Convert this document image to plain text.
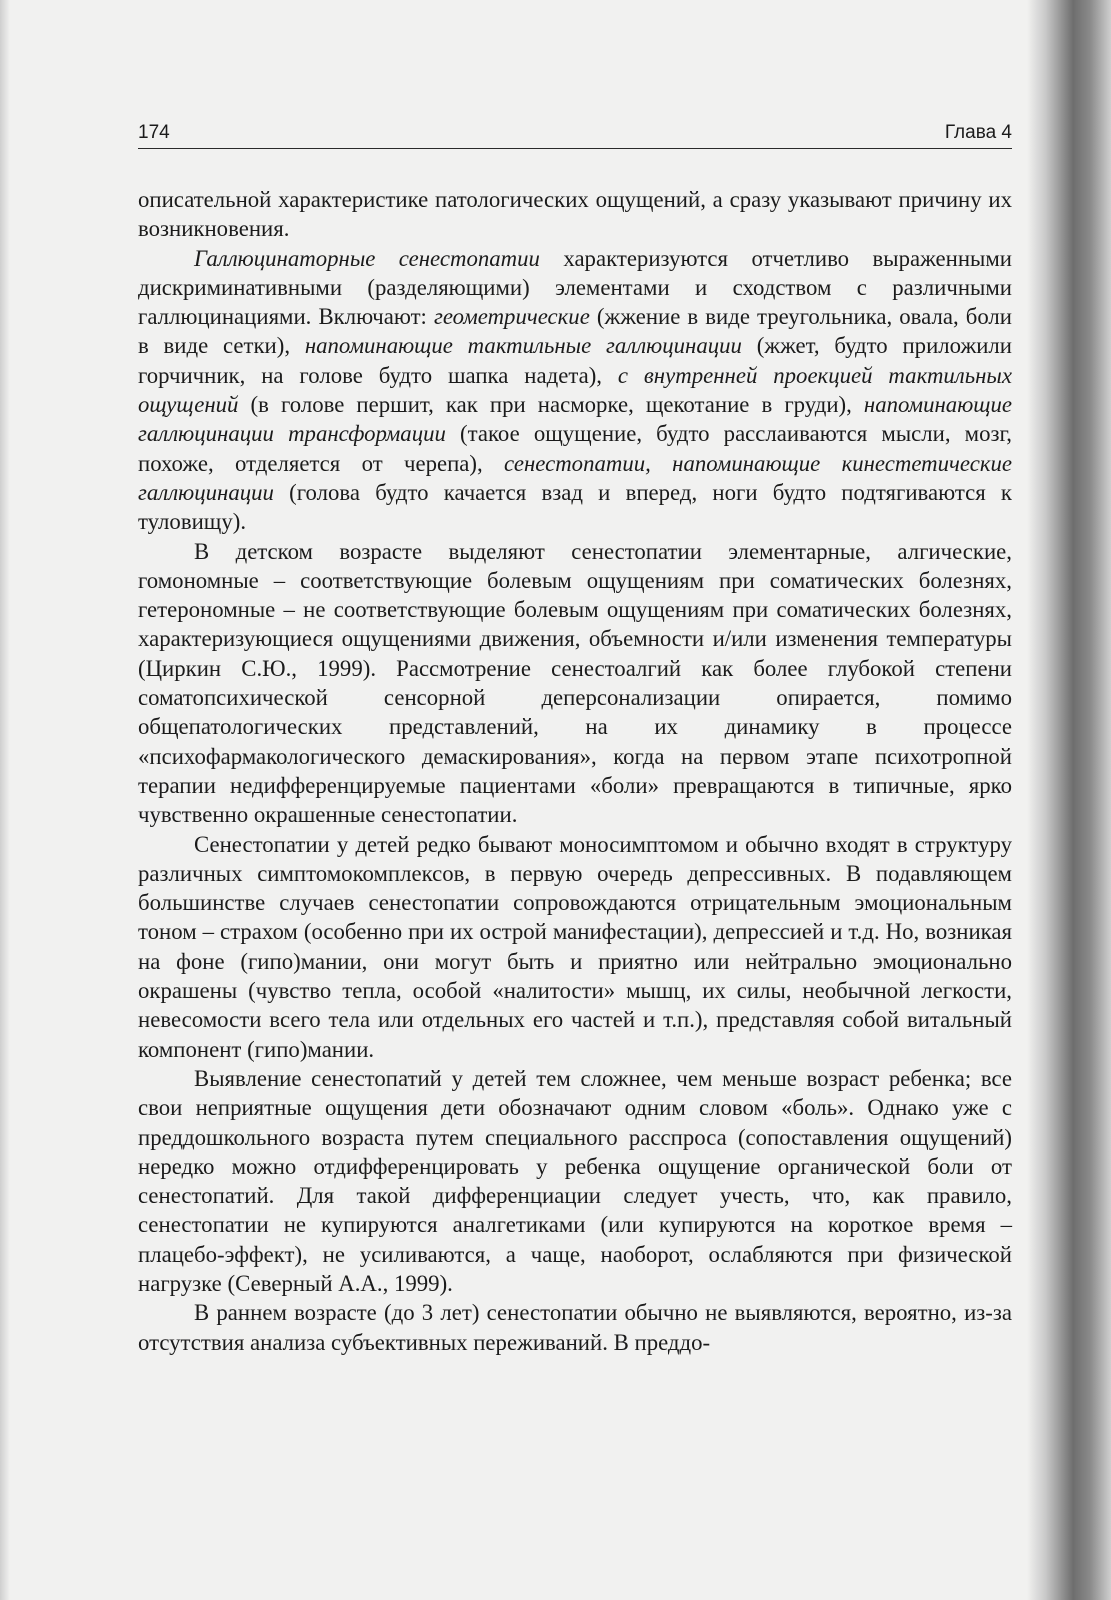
174	Глава 4

описательной характеристике патологических ощущений, а сразу указывают причину их возникновения.

Галлюцинаторные сенестопатии характеризуются отчетливо выраженными дискриминативными (разделяющими) элементами и сходством с различными галлюцинациями. Включают: геометрические (жжение в виде треугольника, овала, боли в виде сетки), напоминающие тактильные галлюцинации (жжет, будто приложили горчичник, на голове будто шапка надета), с внутренней проекцией тактильных ощущений (в голове першит, как при насморке, щекотание в груди), напоминающие галлюцинации трансформации (такое ощущение, будто расслаиваются мысли, мозг, похоже, отделяется от черепа), сенестопатии, напоминающие кинестетические галлюцинации (голова будто качается взад и вперед, ноги будто подтягиваются к туловищу).

В детском возрасте выделяют сенестопатии элементарные, алгические, гомономные – соответствующие болевым ощущениям при соматических болезнях, гетерономные – не соответствующие болевым ощущениям при соматических болезнях, характеризующиеся ощущениями движения, объемности и/или изменения температуры (Циркин С.Ю., 1999). Рассмотрение сенестоалгий как более глубокой степени соматопсихической сенсорной деперсонализации опирается, помимо общепатологических представлений, на их динамику в процессе «психофармакологического демаскирования», когда на первом этапе психотропной терапии недифференцируемые пациентами «боли» превращаются в типичные, ярко чувственно окрашенные сенестопатии.

Сенестопатии у детей редко бывают моносимптомом и обычно входят в структуру различных симптомокомплексов, в первую очередь депрессивных. В подавляющем большинстве случаев сенестопатии сопровождаются отрицательным эмоциональным тоном – страхом (особенно при их острой манифестации), депрессией и т.д. Но, возникая на фоне (гипо)мании, они могут быть и приятно или нейтрально эмоционально окрашены (чувство тепла, особой «налитости» мышц, их силы, необычной легкости, невесомости всего тела или отдельных его частей и т.п.), представляя собой витальный компонент (гипо)мании.

Выявление сенестопатий у детей тем сложнее, чем меньше возраст ребенка; все свои неприятные ощущения дети обозначают одним словом «боль». Однако уже с преддошкольного возраста путем специального расспроса (сопоставления ощущений) нередко можно отдифференцировать у ребенка ощущение органической боли от сенестопатий. Для такой дифференциации следует учесть, что, как правило, сенестопатии не купируются аналгетиками (или купируются на короткое время – плацебо-эффект), не усиливаются, а чаще, наоборот, ослабляются при физической нагрузке (Северный А.А., 1999).

В раннем возрасте (до 3 лет) сенестопатии обычно не выявляются, вероятно, из-за отсутствия анализа субъективных переживаний. В преддо-
